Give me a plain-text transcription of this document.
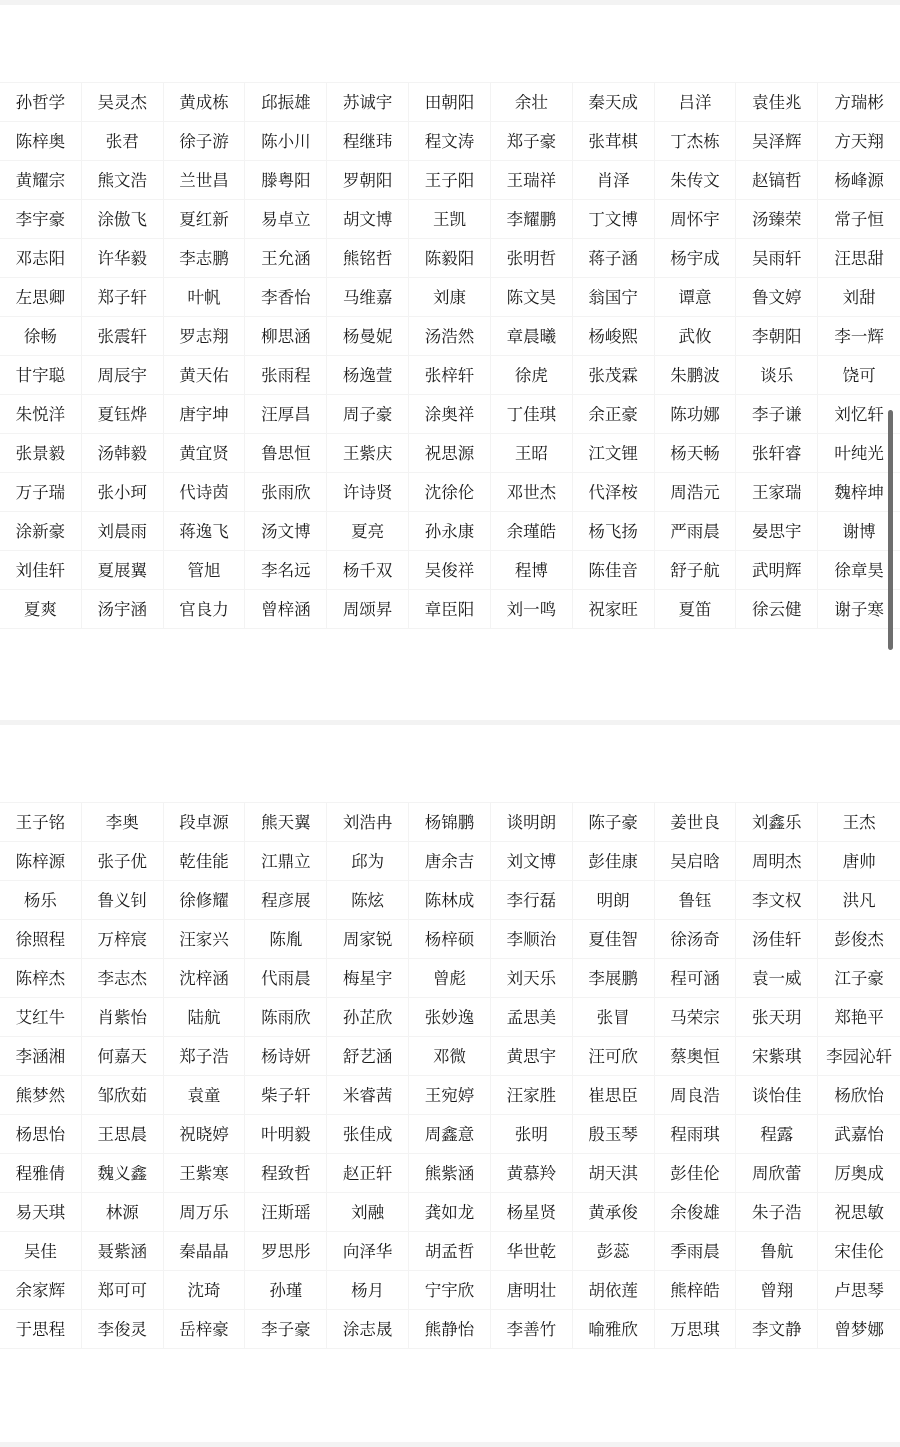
孙哲学	吴灵杰	黄成栋	邱振雄	苏诚宇	田朝阳	余壮	秦天成	吕洋	袁佳兆	方瑞彬
陈梓奥	张君	徐子游	陈小川	程继玮	程文涛	郑子豪	张茸棋	丁杰栋	吴泽辉	方天翔
黄耀宗	熊文浩	兰世昌	滕粤阳	罗朝阳	王子阳	王瑞祥	肖泽	朱传文	赵镐哲	杨峰源
李宇豪	涂傲飞	夏红新	易卓立	胡文博	王凯	李耀鹏	丁文博	周怀宇	汤臻荣	常子恒
邓志阳	许华毅	李志鹏	王允涵	熊铭哲	陈毅阳	张明哲	蒋子涵	杨宇成	吴雨轩	汪思甜
左思卿	郑子轩	叶帆	李香怡	马维嘉	刘康	陈文昊	翁国宁	谭意	鲁文婷	刘甜
徐畅	张震轩	罗志翔	柳思涵	杨曼妮	汤浩然	章晨曦	杨峻熙	武攸	李朝阳	李一辉
甘宇聪	周辰宇	黄天佑	张雨程	杨逸萱	张梓轩	徐虎	张茂霖	朱鹏波	谈乐	饶可
朱悦洋	夏钰烨	唐宇坤	汪厚昌	周子豪	涂奥祥	丁佳琪	余正豪	陈功娜	李子谦	刘忆轩
张景毅	汤韩毅	黄宜贤	鲁思恒	王紫庆	祝思源	王昭	江文锂	杨天畅	张轩睿	叶纯光
万子瑞	张小珂	代诗茵	张雨欣	许诗贤	沈徐伦	邓世杰	代泽桉	周浩元	王家瑞	魏梓坤
涂新豪	刘晨雨	蒋逸飞	汤文博	夏亮	孙永康	余瑾皓	杨飞扬	严雨晨	晏思宇	谢博
刘佳轩	夏展翼	管旭	李名远	杨千双	吴俊祥	程博	陈佳音	舒子航	武明辉	徐章昊
夏爽	汤宇涵	官良力	曾梓涵	周颂昇	章臣阳	刘一鸣	祝家旺	夏笛	徐云健	谢子寒
王子铭	李奥	段卓源	熊天翼	刘浩冉	杨锦鹏	谈明朗	陈子豪	姜世良	刘鑫乐	王杰
陈梓源	张子优	乾佳能	江鼎立	邱为	唐余吉	刘文博	彭佳康	吴启晗	周明杰	唐帅
杨乐	鲁义钊	徐修耀	程彦展	陈炫	陈林成	李行磊	明朗	鲁钰	李文权	洪凡
徐照程	万梓宸	汪家兴	陈胤	周家锐	杨梓硕	李顺治	夏佳智	徐汤奇	汤佳轩	彭俊杰
陈梓杰	李志杰	沈梓涵	代雨晨	梅星宇	曾彪	刘天乐	李展鹏	程可涵	袁一威	江子豪
艾红牛	肖紫怡	陆航	陈雨欣	孙芷欣	张妙逸	孟思美	张冒	马荣宗	张天玥	郑艳平
李涵湘	何嘉天	郑子浩	杨诗妍	舒艺涵	邓微	黄思宇	汪可欣	蔡奥恒	宋紫琪	李园沁轩
熊梦然	邹欣茹	袁童	柴子轩	米睿茜	王宛婷	汪家胜	崔思臣	周良浩	谈怡佳	杨欣怡
杨思怡	王思晨	祝晓婷	叶明毅	张佳成	周鑫意	张明	殷玉琴	程雨琪	程露	武嘉怡
程雅倩	魏义鑫	王紫寒	程致哲	赵正轩	熊紫涵	黄慕羚	胡天淇	彭佳伦	周欣蕾	厉奥成
易天琪	林源	周万乐	汪斯瑶	刘融	龚如龙	杨星贤	黄承俊	余俊雄	朱子浩	祝思敏
吴佳	聂紫涵	秦晶晶	罗思彤	向泽华	胡孟哲	华世乾	彭蕊	季雨晨	鲁航	宋佳伦
余家辉	郑可可	沈琦	孙瑾	杨月	宁宇欣	唐明壮	胡依莲	熊梓皓	曾翔	卢思琴
于思程	李俊灵	岳梓豪	李子豪	涂志晟	熊静怡	李善竹	喻雅欣	万思琪	李文静	曾梦娜
